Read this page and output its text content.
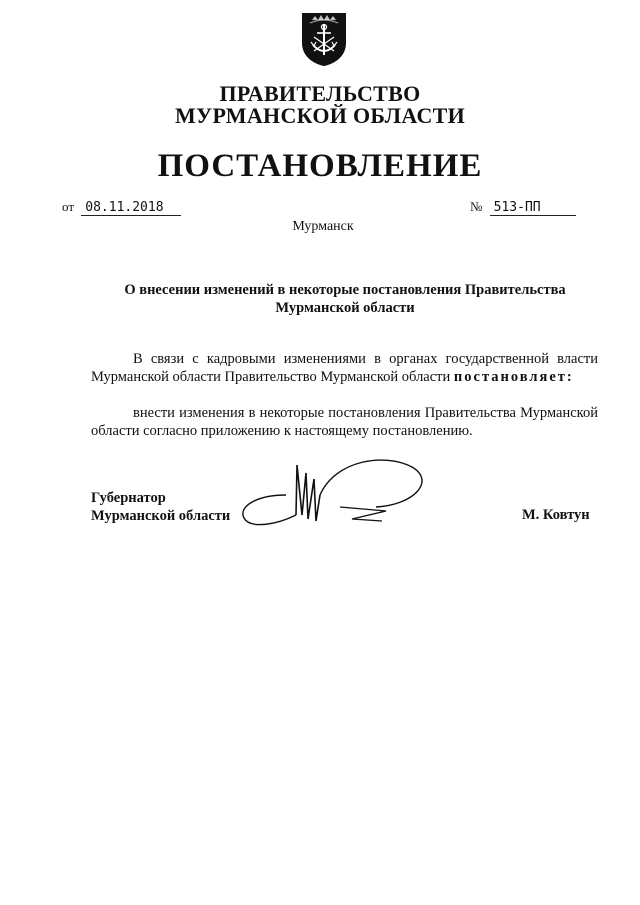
ПРАВИТЕЛЬСТВО
МУРМАНСКОЙ ОБЛАСТИ
ПОСТАНОВЛЕНИЕ
от 08.11.2018	№ 513-ПП
Мурманск
О внесении изменений в некоторые постановления Правительства Мурманской области
В связи с кадровыми изменениями в органах государственной власти Мурманской области Правительство Мурманской области постановляет:
внести изменения в некоторые постановления Правительства Мурманской области согласно приложению к настоящему постановлению.
Губернатор
Мурманской области	М. Ковтун
